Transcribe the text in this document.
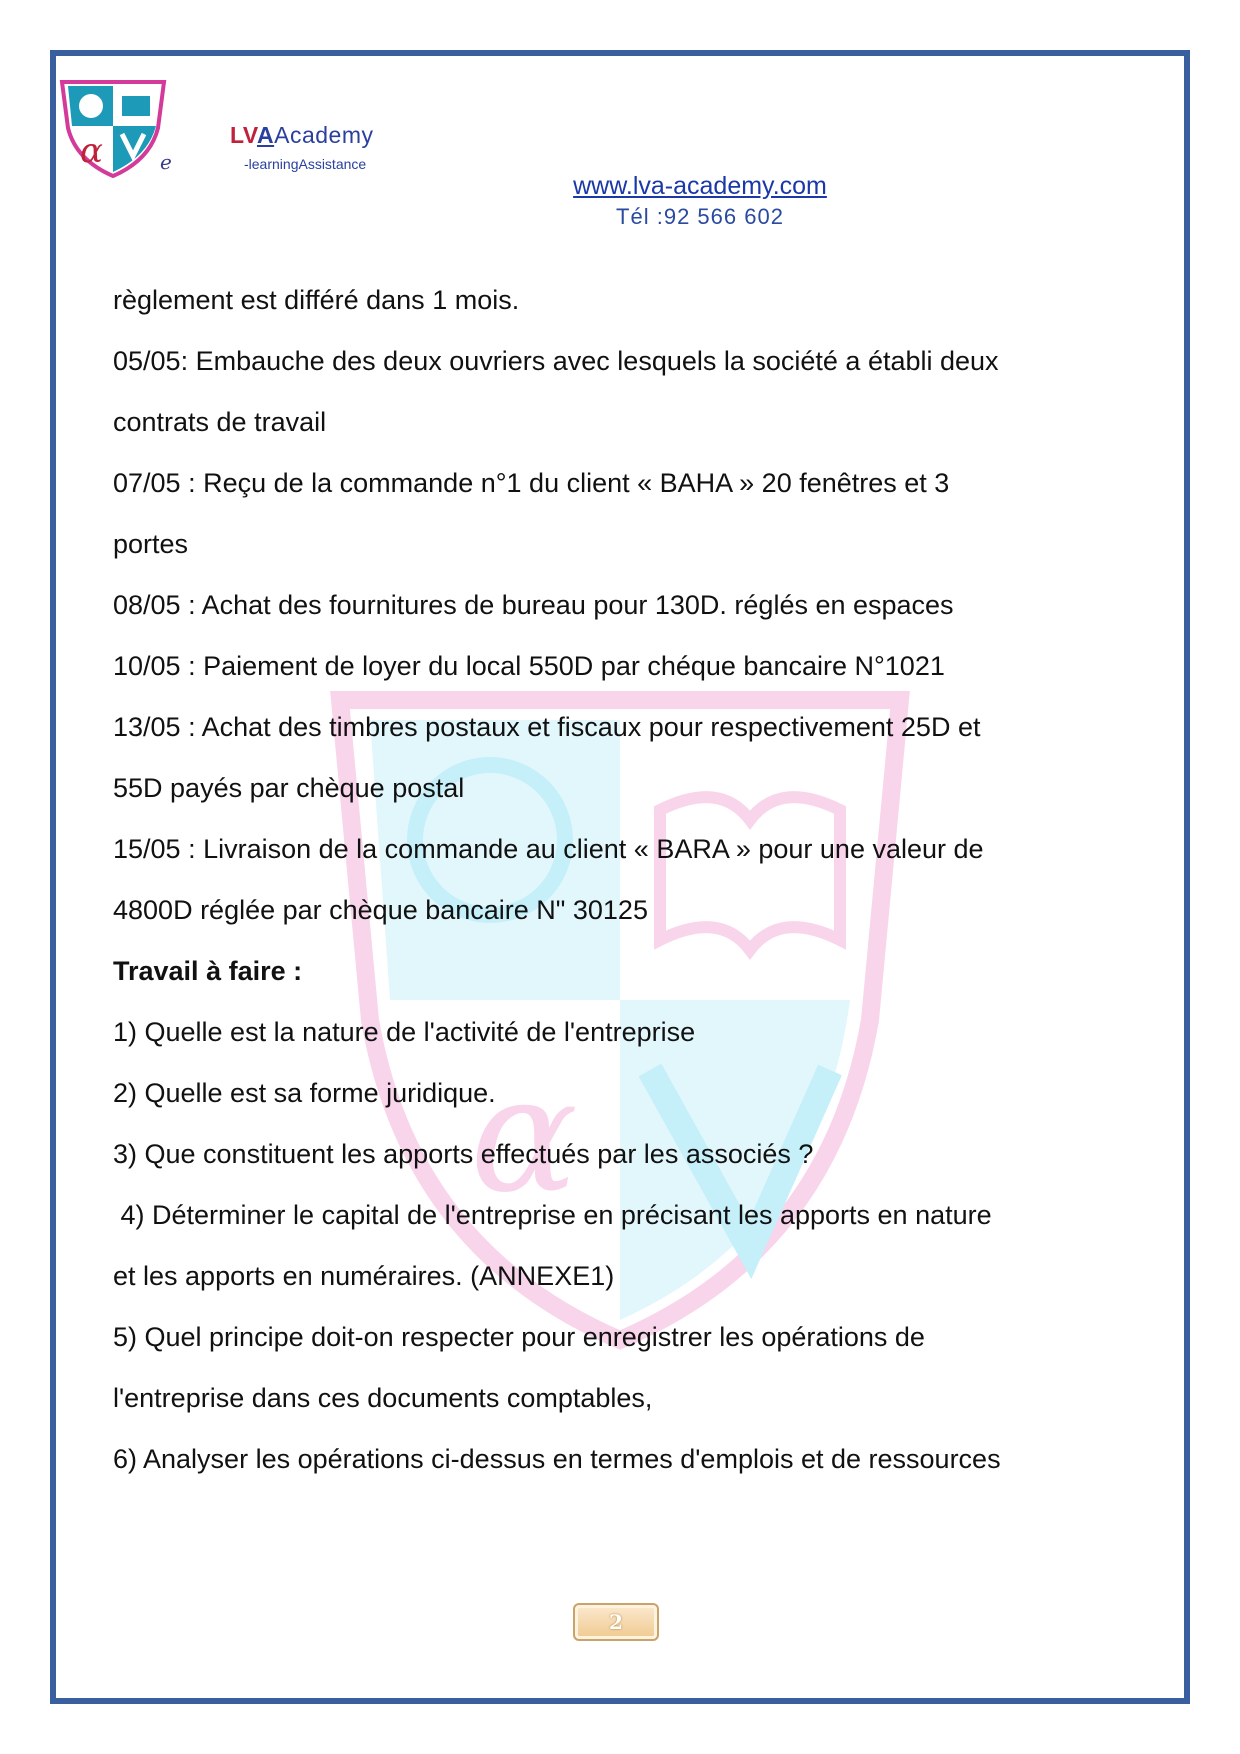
α
α	e
LVAAcademy
-learningAssistance
www.lva-academy.com
Tél :92 566 602
règlement est différé dans 1 mois.
05/05: Embauche des deux ouvriers avec lesquels la société a établi deux
contrats de travail
07/05 : Reçu de la commande n°1 du client « BAHA » 20 fenêtres et 3
portes
08/05 : Achat des fournitures de bureau pour 130D. réglés en espaces
10/05 : Paiement de loyer du local 550D par chéque bancaire N°1021
13/05 : Achat des timbres postaux et fiscaux pour respectivement 25D et
55D payés par chèque postal
15/05 : Livraison de la commande au client « BARA » pour une valeur de
4800D réglée par chèque bancaire N" 30125
Travail à faire :
1) Quelle est la nature de l'activité de l'entreprise
2) Quelle est sa forme juridique.
3) Que constituent les apports effectués par les associés ?
4) Déterminer le capital de l'entreprise en précisant les apports en nature
et les apports en numéraires. (ANNEXE1)
5) Quel principe doit-on respecter pour enregistrer les opérations de
l'entreprise dans ces documents comptables,
6) Analyser les opérations ci-dessus en termes d'emplois et de ressources
2
